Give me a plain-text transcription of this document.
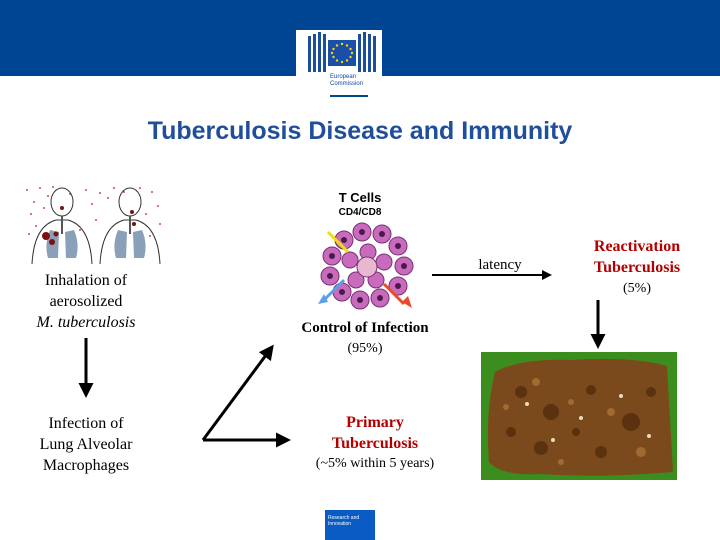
European
Commission
Tuberculosis Disease and Immunity
Inhalation of
aerosolized
M. tuberculosis
Infection of
Lung Alveolar
Macrophages
T Cells
CD4/CD8
Control of Infection
(95%)
Primary
Tuberculosis
(~5% within 5 years)
latency
Reactivation
Tuberculosis
(5%)
Research and
Innovation
